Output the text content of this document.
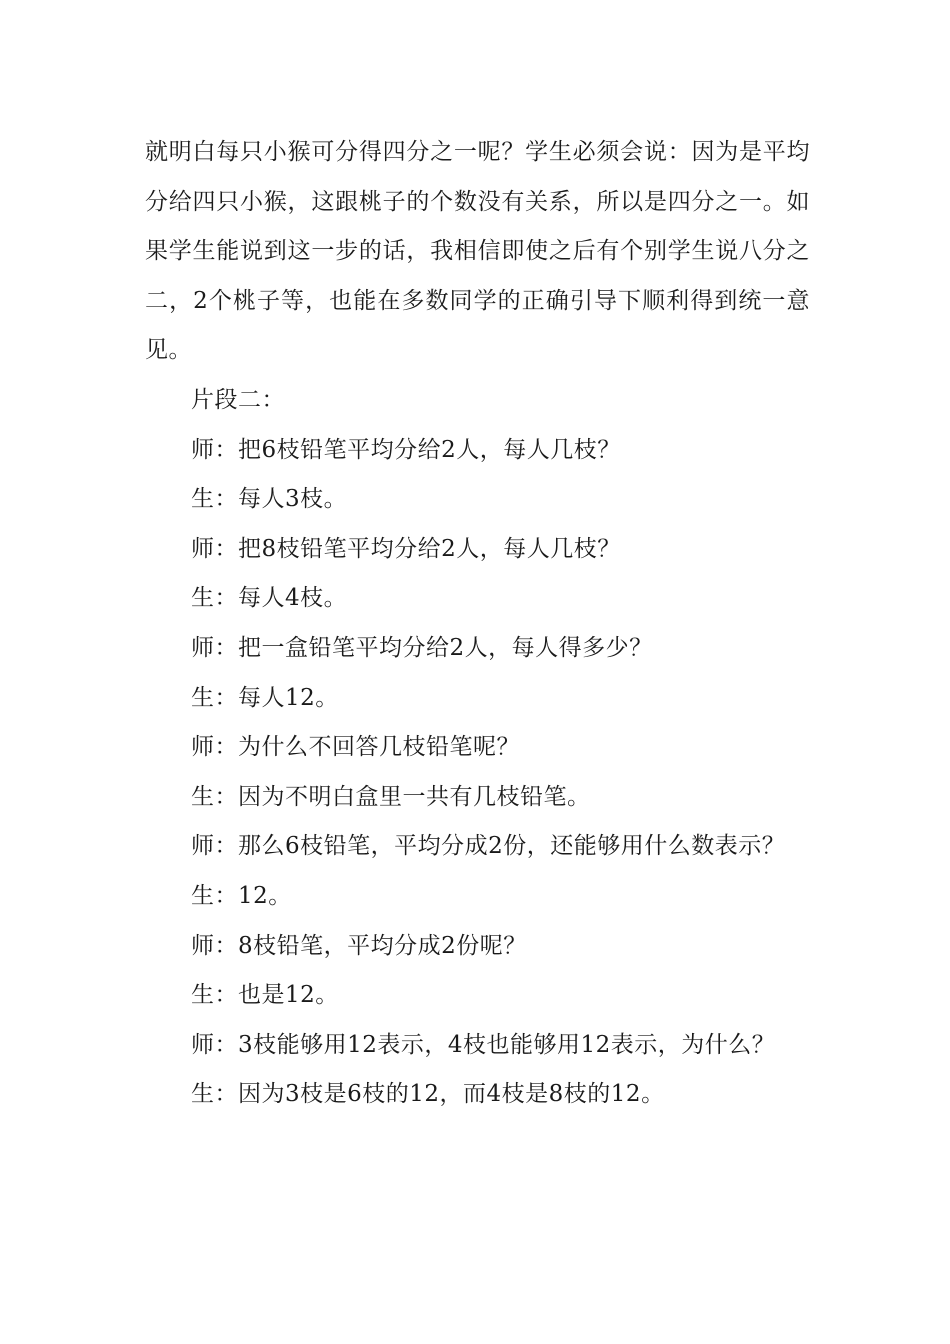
就明白每只小猴可分得四分之一呢？学生必须会说：因为是平均分给四只小猴，这跟桃子的个数没有关系，所以是四分之一。如果学生能说到这一步的话，我相信即使之后有个别学生说八分之二，2个桃子等，也能在多数同学的正确引导下顺利得到统一意见。

片段二：

师：把6枝铅笔平均分给2人，每人几枝？

生：每人3枝。

师：把8枝铅笔平均分给2人，每人几枝？

生：每人4枝。

师：把一盒铅笔平均分给2人，每人得多少？

生：每人12。

师：为什么不回答几枝铅笔呢？

生：因为不明白盒里一共有几枝铅笔。

师：那么6枝铅笔，平均分成2份，还能够用什么数表示？

生：12。

师：8枝铅笔，平均分成2份呢？

生：也是12。

师：3枝能够用12表示，4枝也能够用12表示，为什么？

生：因为3枝是6枝的12，而4枝是8枝的12。
